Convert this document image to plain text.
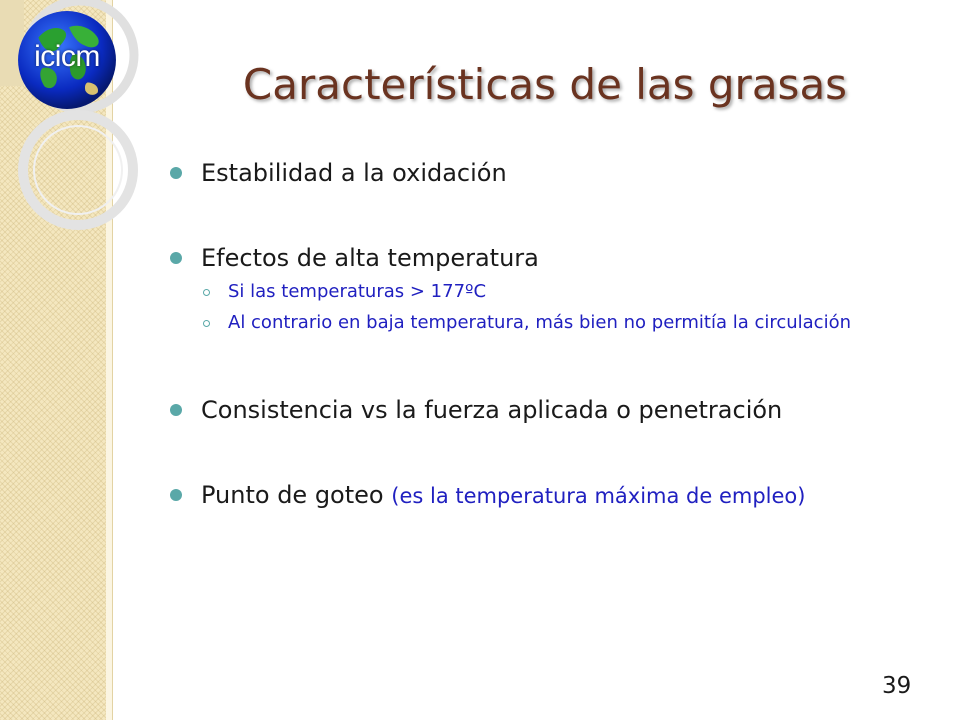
icicm
Características de las grasas
Estabilidad a la oxidación
Efectos de alta temperatura
Si las temperaturas > 177ºC
Al contrario en baja temperatura, más bien no permitía la circulación
Consistencia vs la fuerza aplicada o penetración
Punto de goteo (es la temperatura máxima de empleo)
39
